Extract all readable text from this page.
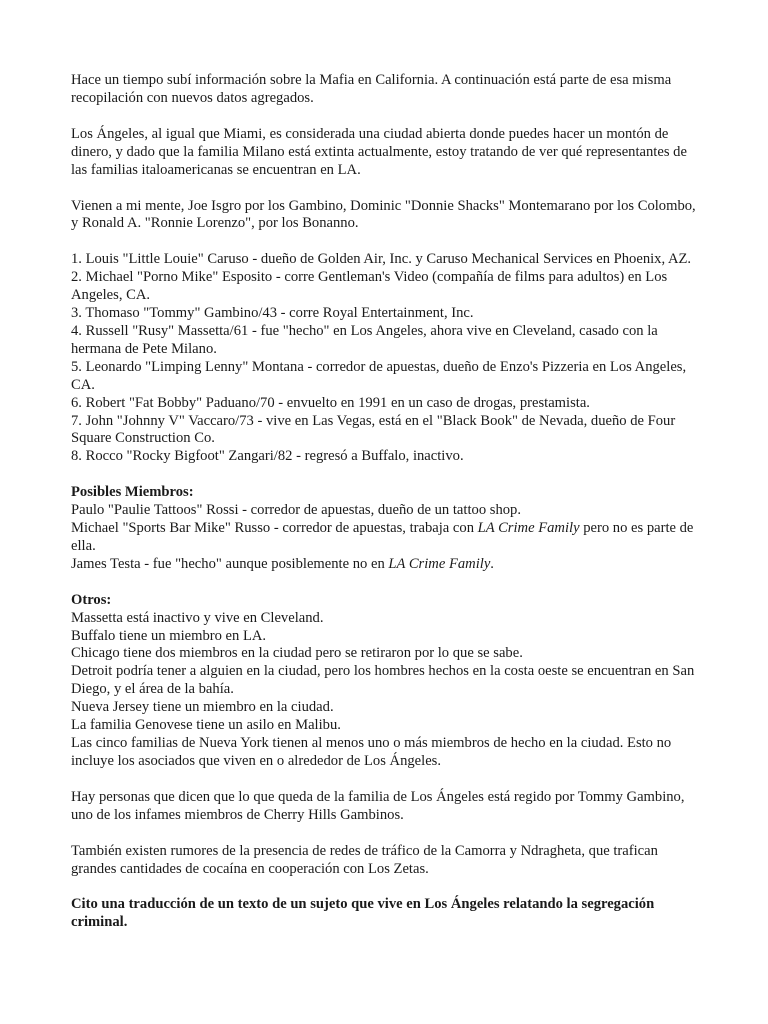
Hace un tiempo subí información sobre la Mafia en California. A continuación está parte de esa misma recopilación con nuevos datos agregados.

Los Ángeles, al igual que Miami, es considerada una ciudad abierta donde puedes hacer un montón de dinero, y dado que la familia Milano está extinta actualmente, estoy tratando de ver qué representantes de las familias italoamericanas se encuentran en LA.

Vienen a mi mente, Joe Isgro por los Gambino, Dominic "Donnie Shacks" Montemarano por los Colombo, y Ronald A. "Ronnie Lorenzo", por los Bonanno.

1. Louis "Little Louie" Caruso - dueño de Golden Air, Inc. y Caruso Mechanical Services en Phoenix, AZ.
2. Michael "Porno Mike" Esposito - corre Gentleman's Video (compañía de films para adultos) en Los Angeles, CA.
3. Thomaso "Tommy" Gambino/43 - corre Royal Entertainment, Inc.
4. Russell "Rusy" Massetta/61 - fue "hecho" en Los Angeles, ahora vive en Cleveland, casado con la hermana de Pete Milano.
5. Leonardo "Limping Lenny" Montana - corredor de apuestas, dueño de Enzo's Pizzeria en Los Angeles, CA.
6. Robert "Fat Bobby" Paduano/70 - envuelto en 1991 en un caso de drogas, prestamista.
7. John "Johnny V" Vaccaro/73 - vive en Las Vegas, está en el "Black Book" de Nevada, dueño de Four Square Construction Co.
8. Rocco "Rocky Bigfoot" Zangari/82 - regresó a Buffalo, inactivo.
Posibles Miembros:
Paulo "Paulie Tattoos" Rossi - corredor de apuestas, dueño de un tattoo shop.
Michael "Sports Bar Mike" Russo - corredor de apuestas, trabaja con LA Crime Family pero no es parte de ella.
James Testa - fue "hecho" aunque posiblemente no en LA Crime Family.
Otros:
Massetta está inactivo y vive en Cleveland.
Buffalo tiene un miembro en LA.
Chicago tiene dos miembros en la ciudad pero se retiraron por lo que se sabe.
Detroit podría tener a alguien en la ciudad, pero los hombres hechos en la costa oeste se encuentran en San Diego, y el área de la bahía.
Nueva Jersey tiene un miembro en la ciudad.
La familia Genovese tiene un asilo en Malibu.
Las cinco familias de Nueva York tienen al menos uno o más miembros de hecho en la ciudad. Esto no incluye los asociados que viven en o alrededor de Los Ángeles.

Hay personas que dicen que lo que queda de la familia de Los Ángeles está regido por Tommy Gambino, uno de los infames miembros de Cherry Hills Gambinos.

También existen rumores de la presencia de redes de tráfico de la Camorra y Ndragheta, que trafican grandes cantidades de cocaína en cooperación con Los Zetas.

Cito una traducción de un texto de un sujeto que vive en Los Ángeles relatando la segregación criminal.
